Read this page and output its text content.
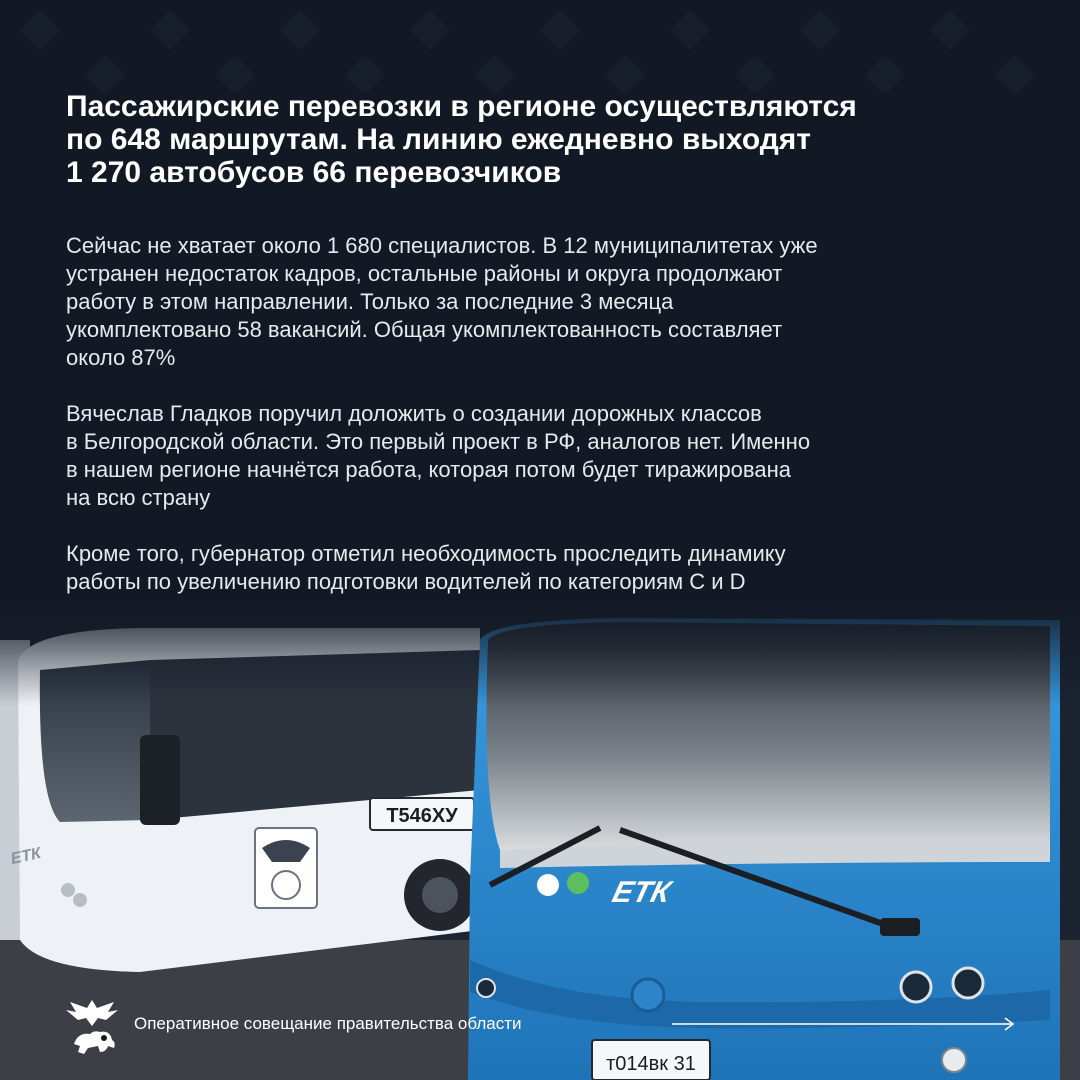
Пассажирские перевозки в регионе осуществляются
по 648 маршрутам. На линию ежедневно выходят
1 270 автобусов 66 перевозчиков

Сейчас не хватает около 1 680 специалистов. В 12 муниципалитетах уже
устранен недостаток кадров, остальные районы и округа продолжают
работу в этом направлении. Только за последние 3 месяца
укомплектовано 58 вакансий. Общая укомплектованность составляет
около 87%

Вячеслав Гладков поручил доложить о создании дорожных классов
в Белгородской области. Это первый проект в РФ, аналогов нет. Именно
в нашем регионе начнётся работа, которая потом будет тиражирована
на всю страну

Кроме того, губернатор отметил необходимость проследить динамику
работы по увеличению подготовки водителей по категориям C и D

Оперативное совещание правительства области
